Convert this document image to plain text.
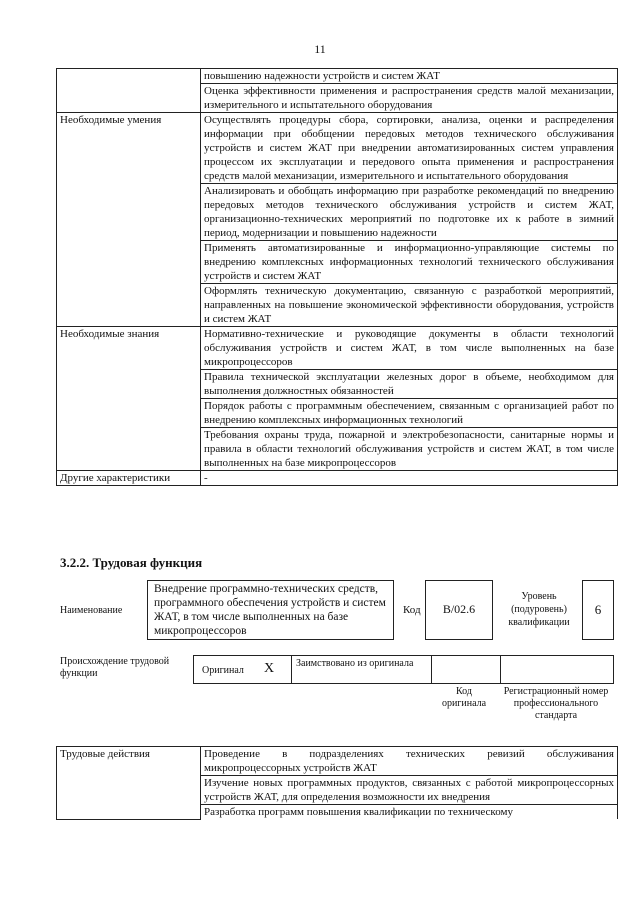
11
	повышению надежности устройств и систем ЖАТ
	Оценка эффективности применения и распространения средств малой механизации, измерительного и испытательного оборудования
Необходимые умения	Осуществлять процедуры сбора, сортировки, анализа, оценки и распределения информации при обобщении передовых методов технического обслуживания устройств и систем ЖАТ при внедрении автоматизированных систем управления процессом их эксплуатации и передового опыта применения и распространения средств малой механизации, измерительного и испытательного оборудования
	Анализировать и обобщать информацию при разработке рекомендаций по внедрению передовых методов технического обслуживания устройств и систем ЖАТ, организационно-технических мероприятий по подготовке их к работе в зимний период, модернизации и повышению надежности
	Применять автоматизированные и информационно-управляющие системы по внедрению комплексных информационных технологий технического обслуживания устройств и систем ЖАТ
	Оформлять техническую документацию, связанную с разработкой мероприятий, направленных на повышение экономической эффективности оборудования, устройств и систем ЖАТ
Необходимые знания	Нормативно-технические и руководящие документы в области технологий обслуживания устройств и систем ЖАТ, в том числе выполненных на базе микропроцессоров
	Правила технической эксплуатации железных дорог в объеме, необходимом для выполнения должностных обязанностей
	Порядок работы с программным обеспечением, связанным с организацией работ по внедрению комплексных информационных технологий
	Требования охраны труда, пожарной и электробезопасности, санитарные нормы и правила в области технологий обслуживания устройств и систем ЖАТ, в том числе выполненных на базе микропроцессоров
Другие характеристики	-
3.2.2. Трудовая функция
Наименование
Внедрение программно-технических средств, программного обеспечения устройств и систем ЖАТ, в том числе выполненных на базе микропроцессоров
Код	B/02.6
Уровень (подуровень) квалификации
6
Происхождение трудовой функции	Оригинал X Заимствовано из оригинала
Код оригинала
Регистрационный номер профессионального стандарта
Трудовые действия	Проведение в подразделениях технических ревизий обслуживания микропроцессорных устройств ЖАТ
Изучение новых программных продуктов, связанных с работой микропроцессорных устройств ЖАТ, для определения возможности их внедрения
Разработка программ повышения квалификации по техническому
